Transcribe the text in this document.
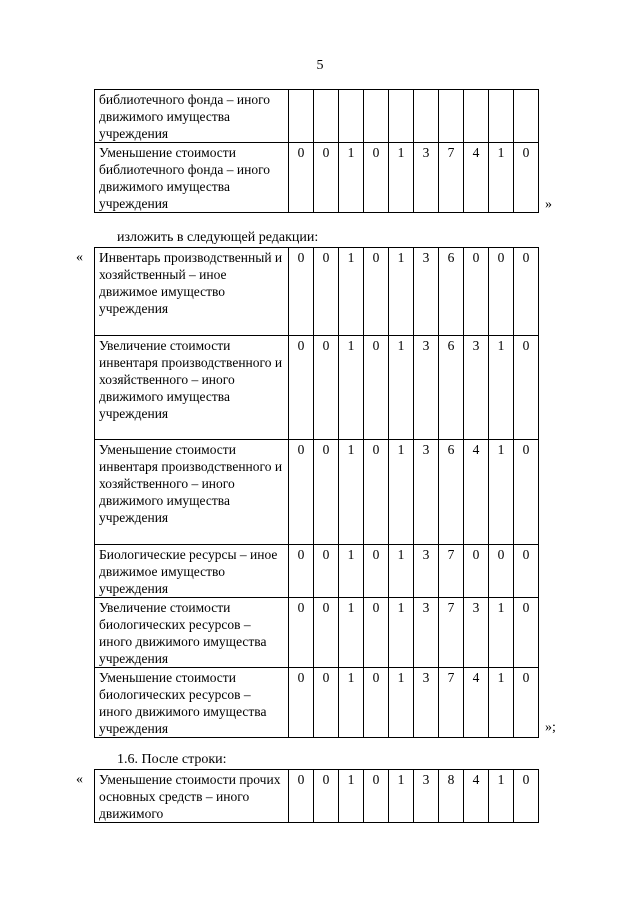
5
библиотечного фонда – иного движимого имущества учреждения										
Уменьшение стоимости библиотечного фонда – иного движимого имущества учреждения	0	0	1	0	1	3	7	4	1	0
»
изложить в следующей редакции:
« Инвентарь производственный и хозяйственный – иное движимое имущество учреждения	0	0	1	0	1	3	6	0	0	0
Увеличение стоимости инвентаря производственного и хозяйственного – иного движимого имущества учреждения	0	0	1	0	1	3	6	3	1	0
Уменьшение стоимости инвентаря производственного и хозяйственного – иного движимого имущества учреждения	0	0	1	0	1	3	6	4	1	0
Биологические ресурсы – иное движимое имущество учреждения	0	0	1	0	1	3	7	0	0	0
Увеличение стоимости биологических ресурсов – иного движимого имущества учреждения	0	0	1	0	1	3	7	3	1	0
Уменьшение стоимости биологических ресурсов – иного движимого имущества учреждения	0	0	1	0	1	3	7	4	1	0
»;
1.6. После строки:
« Уменьшение стоимости прочих основных средств – иного движимого	0	0	1	0	1	3	8	4	1	0
